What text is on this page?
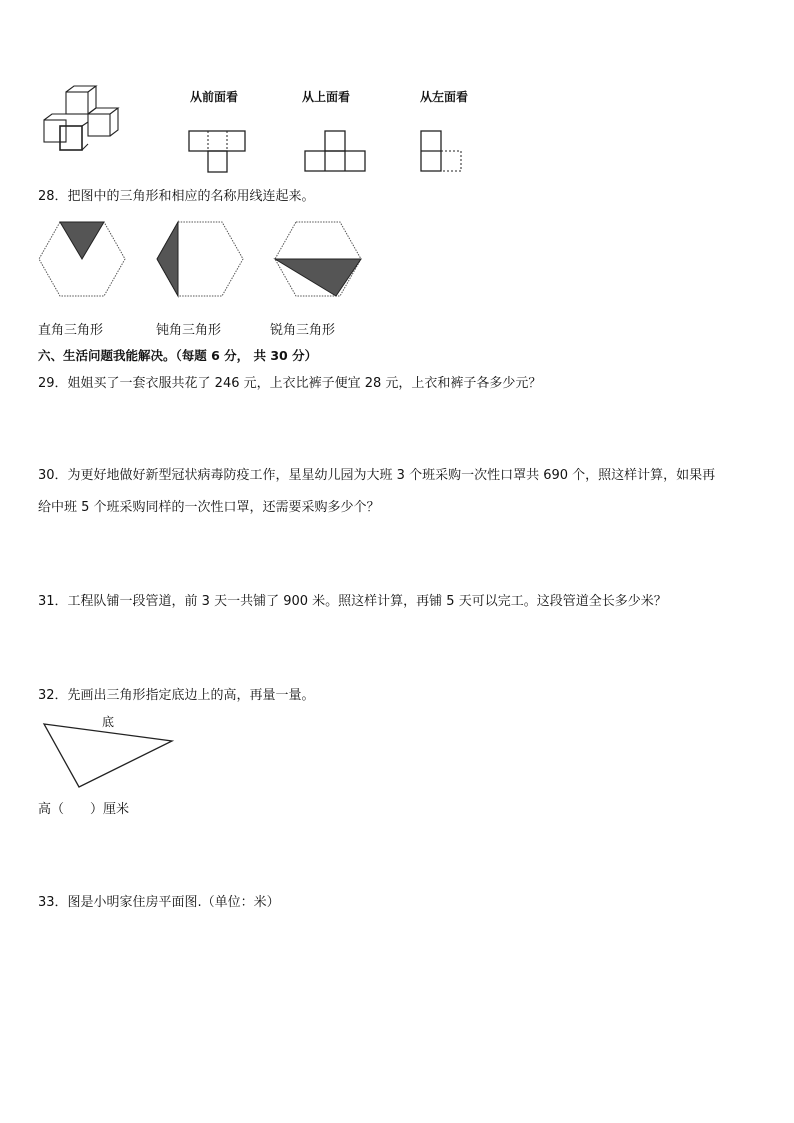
从前面看	从上面看	从左面看
28．把图中的三角形和相应的名称用线连起来。
直角三角形	钝角三角形	锐角三角形
六、生活问题我能解决。（每题 6 分， 共 30 分）
29．姐姐买了一套衣服共花了 246 元，上衣比裤子便宜 28 元，上衣和裤子各多少元？
30．为更好地做好新型冠状病毒防疫工作，星星幼儿园为大班 3 个班采购一次性口罩共 690 个，照这样计算，如果再
给中班 5 个班采购同样的一次性口罩，还需要采购多少个？
31．工程队铺一段管道，前 3 天一共铺了 900 米。照这样计算，再铺 5 天可以完工。这段管道全长多少米？
32．先画出三角形指定底边上的高，再量一量。
底
高（　　）厘米
33．图是小明家住房平面图.（单位：米）
